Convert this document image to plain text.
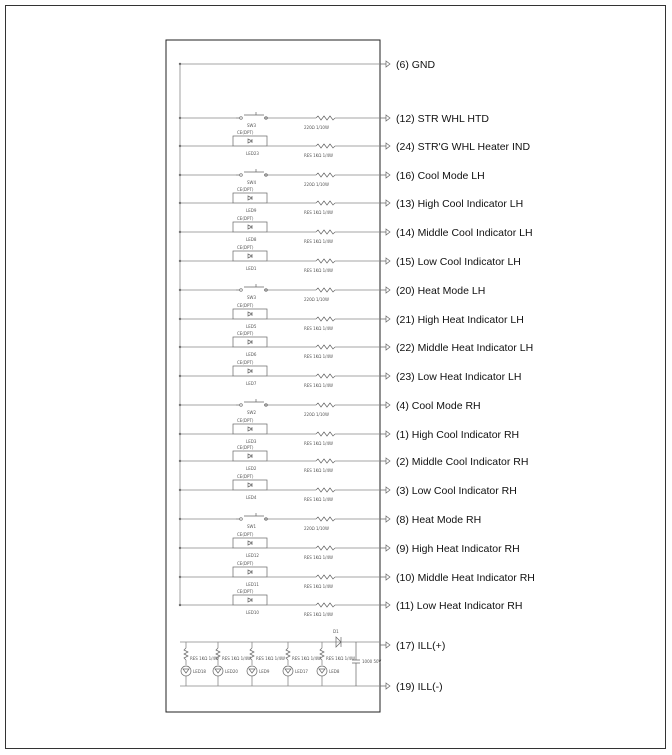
(6) GND
SW3	220Ω 1/10W
(12) STR WHL HTD
CE(DPT)
LED23	RES 1KΩ 1/4W
(24) STR'G WHL Heater IND
SW4	220Ω 1/10W
(16) Cool Mode LH
CE(DPT)
LED9	RES 1KΩ 1/4W
(13) High Cool Indicator LH
CE(DPT)
LED8	RES 1KΩ 1/4W
(14) Middle Cool Indicator LH
CE(DPT)
LED1	RES 1KΩ 1/4W
(15) Low Cool Indicator LH
SW3	220Ω 1/10W
(20) Heat Mode LH
CE(DPT)
LED5	RES 1KΩ 1/4W
(21) High Heat Indicator LH
CE(DPT)
LED6	RES 1KΩ 1/4W
(22) Middle Heat Indicator LH
CE(DPT)
LED7	RES 1KΩ 1/4W
(23) Low Heat Indicator LH
SW2	220Ω 1/10W
(4) Cool Mode RH
CE(DPT)
LED3	RES 1KΩ 1/4W
(1) High Cool Indicator RH
CE(DPT)
LED2	RES 1KΩ 1/4W
(2) Middle Cool Indicator RH
CE(DPT)
LED4	RES 1KΩ 1/4W
(3) Low Cool Indicator RH
SW1	220Ω 1/10W
(8) Heat Mode RH
CE(DPT)
LED12	RES 1KΩ 1/4W
(9) High Heat Indicator RH
CE(DPT)
LED11	RES 1KΩ 1/4W
(10) Middle Heat Indicator RH
CE(DPT)
LED10	RES 1KΩ 1/4W
(11) Low Heat Indicator RH
D1
1000 50V
RES 1KΩ 1/4W
LED18
RES 1KΩ 1/4W
LED20
RES 1KΩ 1/4W
LED9
RES 1KΩ 1/4W
LED17
RES 1KΩ 1/4W
LED8
(17) ILL(+)
(19) ILL(-)
